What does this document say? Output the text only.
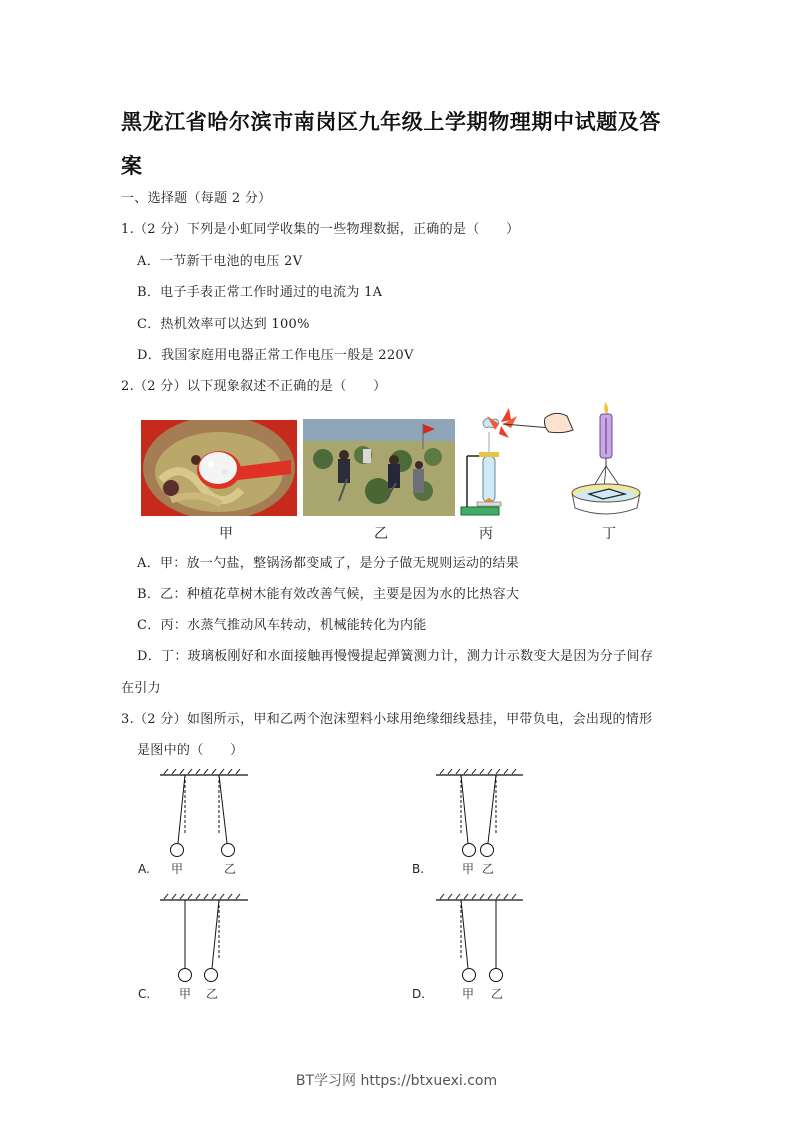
黑龙江省哈尔滨市南岗区九年级上学期物理期中试题及答
案
一、选择题（每题 2 分）
1.（2 分）下列是小虹同学收集的一些物理数据，正确的是（　　）
A．一节新干电池的电压 2V
B．电子手表正常工作时通过的电流为 1A
C．热机效率可以达到 100%
D．我国家庭用电器正常工作电压一般是 220V
2.（2 分）以下现象叙述不正确的是（　　）
甲	乙	丙	丁
A．甲：放一勺盐，整锅汤都变咸了，是分子做无规则运动的结果
B．乙：种植花草树木能有效改善气候，主要是因为水的比热容大
C．丙：水蒸气推动风车转动，机械能转化为内能
D．丁：玻璃板刚好和水面接触再慢慢提起弹簧测力计，测力计示数变大是因为分子间存
在引力
3.（2 分）如图所示，甲和乙两个泡沫塑料小球用绝缘细线悬挂，甲带负电，会出现的情形
是图中的（　　）
A. 甲	乙	B.	甲 乙
C. 甲 乙	D.	甲 乙
BT学习网 https://btxuexi.com
